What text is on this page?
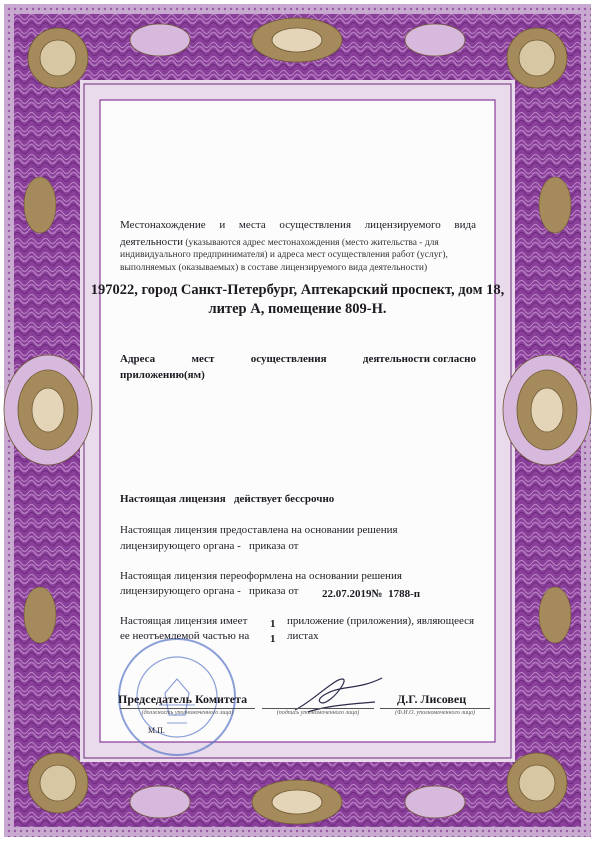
Местонахождение и места осуществления лицензируемого вида

деятельности (указываются адрес местонахождения (место жительства - для

индивидуального предпринимателя) и адреса мест осуществления работ (услуг),

выполняемых (оказываемых) в составе лицензируемого вида деятельности)

197022, город Санкт-Петербург, Аптекарский проспект, дом 18,

литер А, помещение 809-Н.

Адреса	мест	осуществления	деятельности согласно

приложению(ям)

Настоящая лицензия действует бессрочно

Настоящая лицензия предоставлена на основании решения

лицензирующего органа -   приказа от

Настоящая лицензия переоформлена на основании решения

лицензирующего органа -   приказа от 22.07.2019№ 1788-п

Настоящая лицензия имеет

ее неотъемлемой частью на

1

1

приложение (приложения), являющееся

листах

Председатель Комитета

(должность уполномоченного лица)	(подпись уполномоченного лица)

Д.Г. Лисовец

(Ф.И.О. уполномоченного лица)

М.П.
